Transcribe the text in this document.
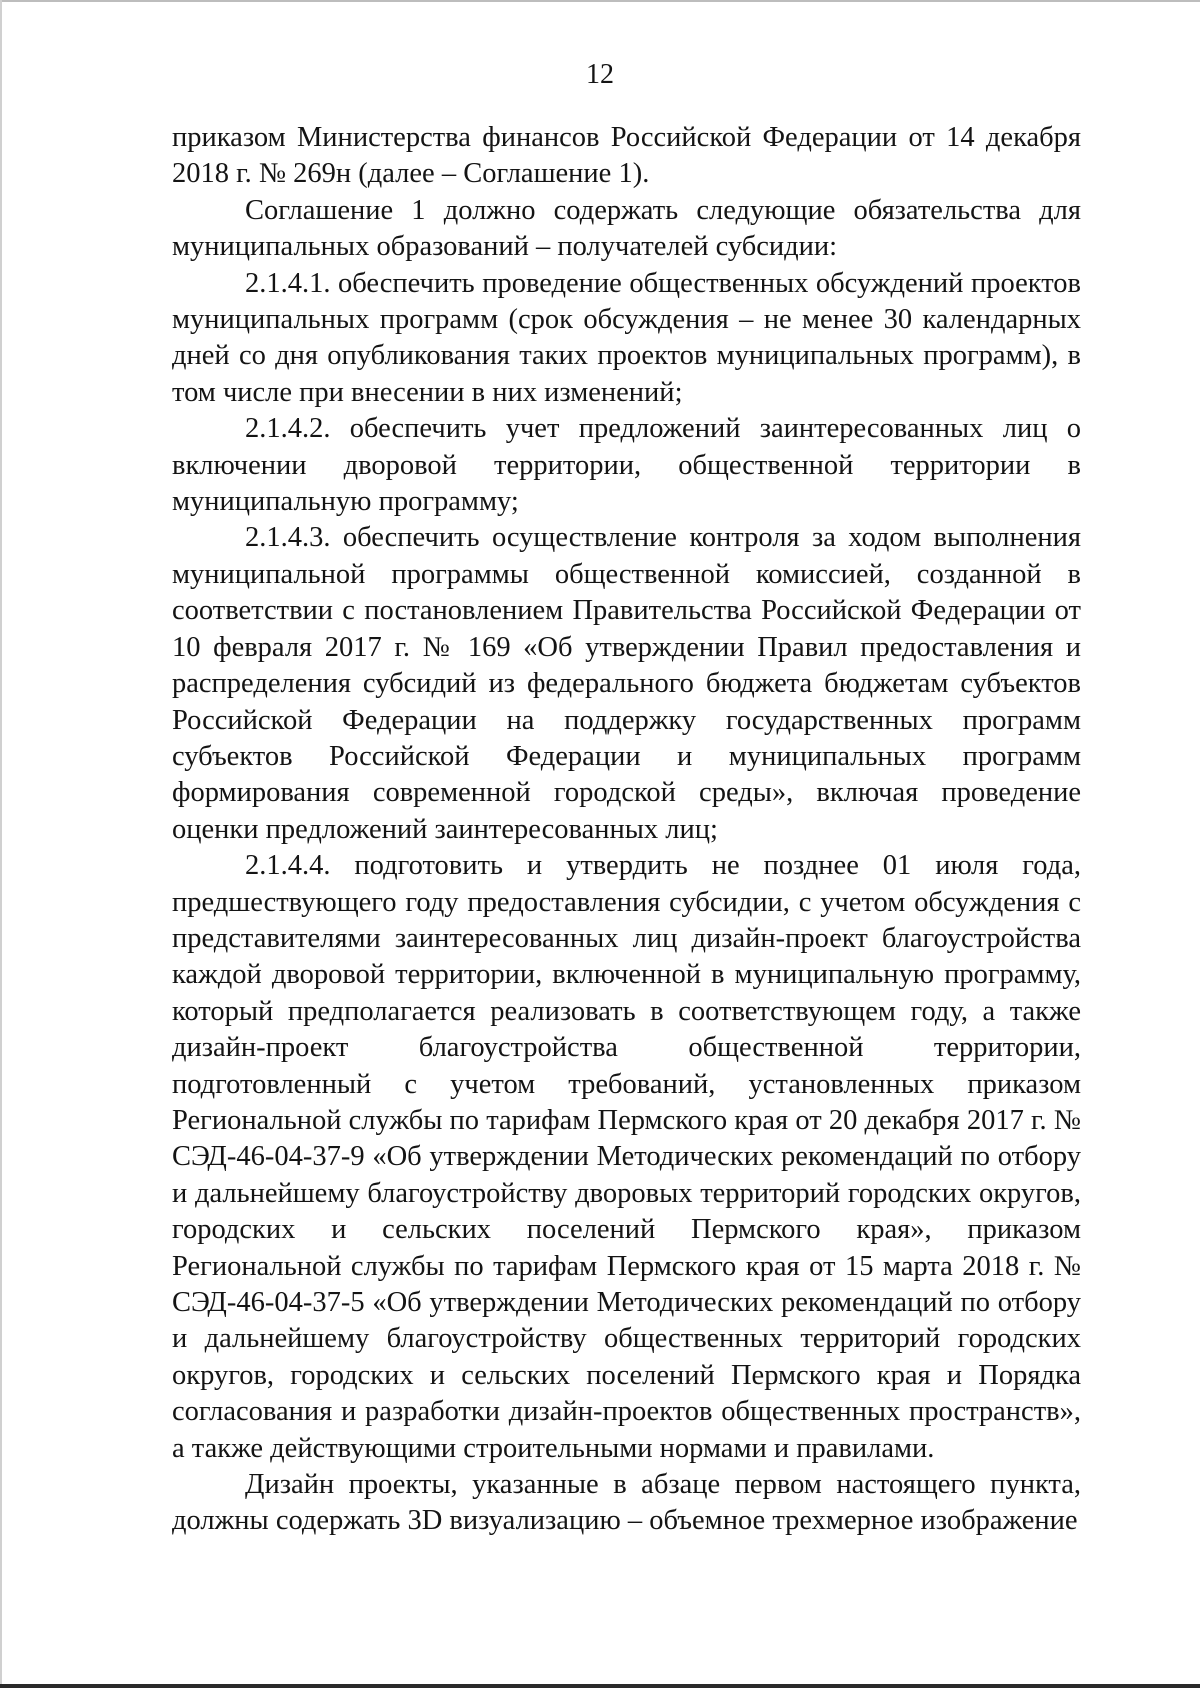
12

приказом Министерства финансов Российской Федерации от 14 декабря 2018 г. № 269н (далее – Соглашение 1).

Соглашение 1 должно содержать следующие обязательства для муниципальных образований – получателей субсидии:

2.1.4.1. обеспечить проведение общественных обсуждений проектов муниципальных программ (срок обсуждения – не менее 30 календарных дней со дня опубликования таких проектов муниципальных программ), в том числе при внесении в них изменений;

2.1.4.2. обеспечить учет предложений заинтересованных лиц о включении дворовой территории, общественной территории в муниципальную программу;

2.1.4.3. обеспечить осуществление контроля за ходом выполнения муниципальной программы общественной комиссией, созданной в соответствии с постановлением Правительства Российской Федерации от 10 февраля 2017 г. № 169 «Об утверждении Правил предоставления и распределения субсидий из федерального бюджета бюджетам субъектов Российской Федерации на поддержку государственных программ субъектов Российской Федерации и муниципальных программ формирования современной городской среды», включая проведение оценки предложений заинтересованных лиц;

2.1.4.4. подготовить и утвердить не позднее 01 июля года, предшествующего году предоставления субсидии, с учетом обсуждения с представителями заинтересованных лиц дизайн-проект благоустройства каждой дворовой территории, включенной в муниципальную программу, который предполагается реализовать в соответствующем году, а также дизайн-проект благоустройства общественной территории, подготовленный с учетом требований, установленных приказом Региональной службы по тарифам Пермского края от 20 декабря 2017 г. № СЭД-46-04-37-9 «Об утверждении Методических рекомендаций по отбору и дальнейшему благоустройству дворовых территорий городских округов, городских и сельских поселений Пермского края», приказом Региональной службы по тарифам Пермского края от 15 марта 2018 г. № СЭД-46-04-37-5 «Об утверждении Методических рекомендаций по отбору и дальнейшему благоустройству общественных территорий городских округов, городских и сельских поселений Пермского края и Порядка согласования и разработки дизайн-проектов общественных пространств», а также действующими строительными нормами и правилами.

Дизайн проекты, указанные в абзаце первом настоящего пункта, должны содержать 3D визуализацию – объемное трехмерное изображение
